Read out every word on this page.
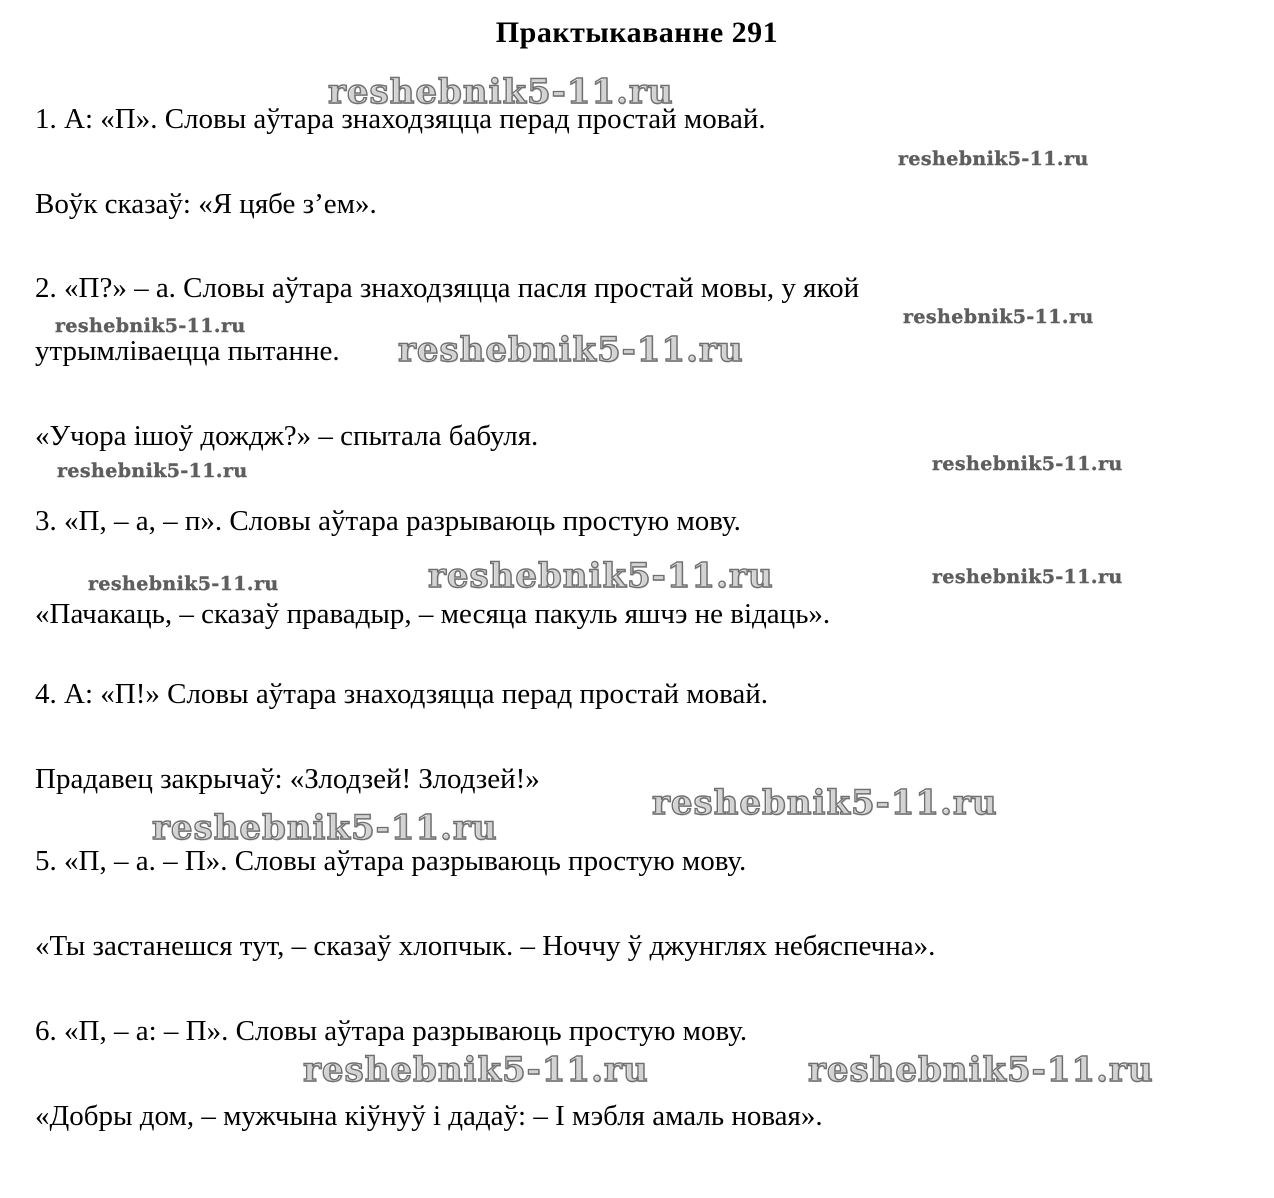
Практыкаванне 291
reshebnik5-11.ru
reshebnik5-11.ru
reshebnik5-11.ru
reshebnik5-11.ru
reshebnik5-11.ru
reshebnik5-11.ru	reshebnik5-11.ru
reshebnik5-11.ru
reshebnik5-11.ru
reshebnik5-11.ru
reshebnik5-11.ru
reshebnik5-11.ru
reshebnik5-11.ru
reshebnik5-11.ru
1. А: «П». Словы аўтара знаходзяцца перад простай мовай.
Воўк сказаў: «Я цябе з’ем».
2. «П?» – а. Словы аўтара знаходзяцца пасля простай мовы, у якой
утрымліваецца пытанне.
«Учора ішоў дождж?» – спытала бабуля.
3. «П, – а, – п». Словы аўтара разрываюць простую мову.
«Пачакаць, – сказаў правадыр, – месяца пакуль яшчэ не відаць».
4. А: «П!» Словы аўтара знаходзяцца перад простай мовай.
Прадавец закрычаў: «Злодзей! Злодзей!»
5. «П, – а. – П». Словы аўтара разрываюць простую мову.
«Ты застанешся тут, – сказаў хлопчык. – Ноччу ў джунглях небяспечна».
6. «П, – а: – П». Словы аўтара разрываюць простую мову.
«Добры дом, – мужчына кіўнуў і дадаў: – І мэбля амаль новая».
